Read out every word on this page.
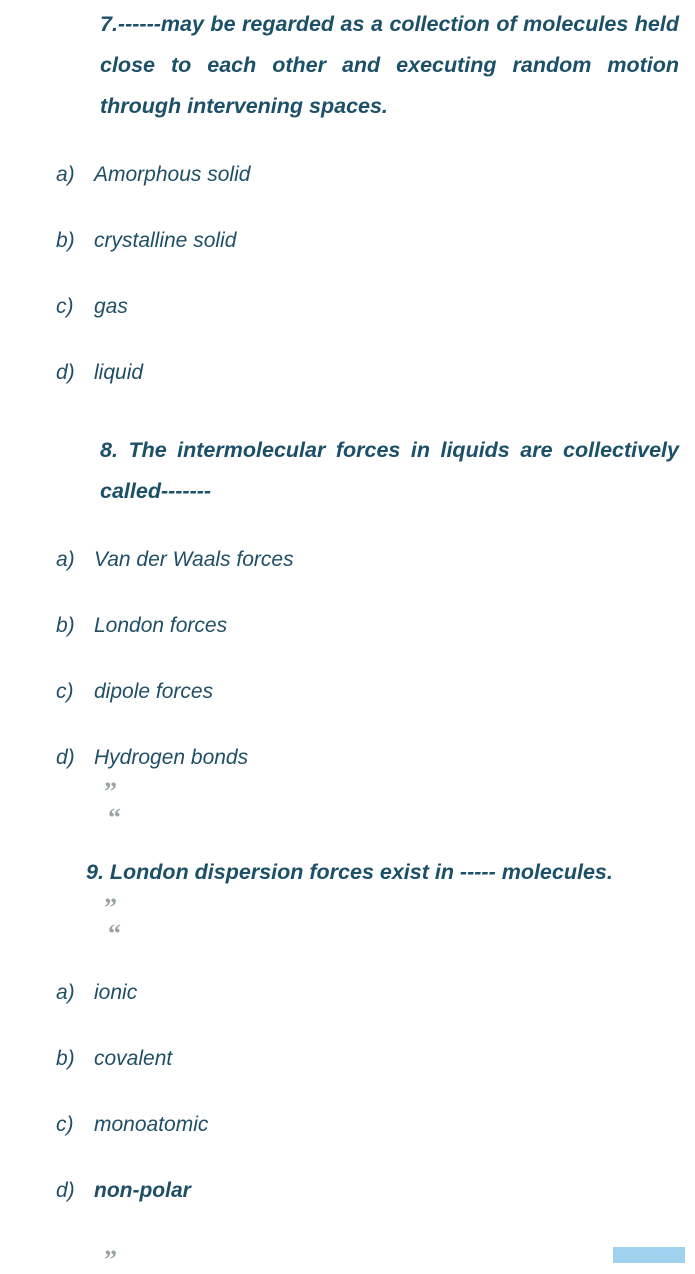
7.------may be regarded as a collection of molecules held close to each other and executing random motion through intervening spaces.

a) Amorphous solid
b) crystalline solid
c) gas
d) liquid

8. The intermolecular forces in liquids are collectively called-------

a) Van der Waals forces
b) London forces
c) dipole forces
d) Hydrogen bonds
”
“

9. London dispersion forces exist in ----- molecules.

”
“
a) ionic
b) covalent
c) monoatomic
d) non-polar
”
